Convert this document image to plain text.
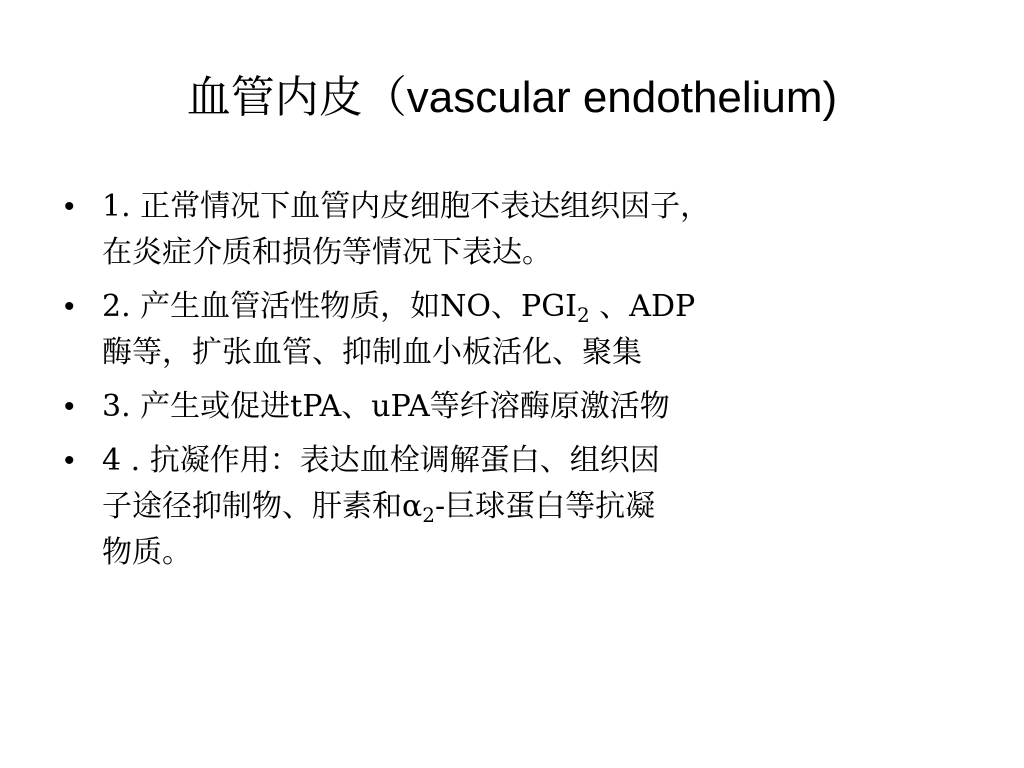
血管内皮（vascular endothelium)
• 1. 正常情况下血管内皮细胞不表达组织因子，
在炎症介质和损伤等情况下表达。
• 2. 产生血管活性物质，如NO、$PGI_2$ 、ADP
酶等，扩张血管、抑制血小板活化、聚集
• 3. 产生或促进tPA、uPA等纤溶酶原激活物
• 4 . 抗凝作用：表达血栓调解蛋白、组织因
子途径抑制物、肝素和$\alpha_2-$巨球蛋白等抗凝
物质。
